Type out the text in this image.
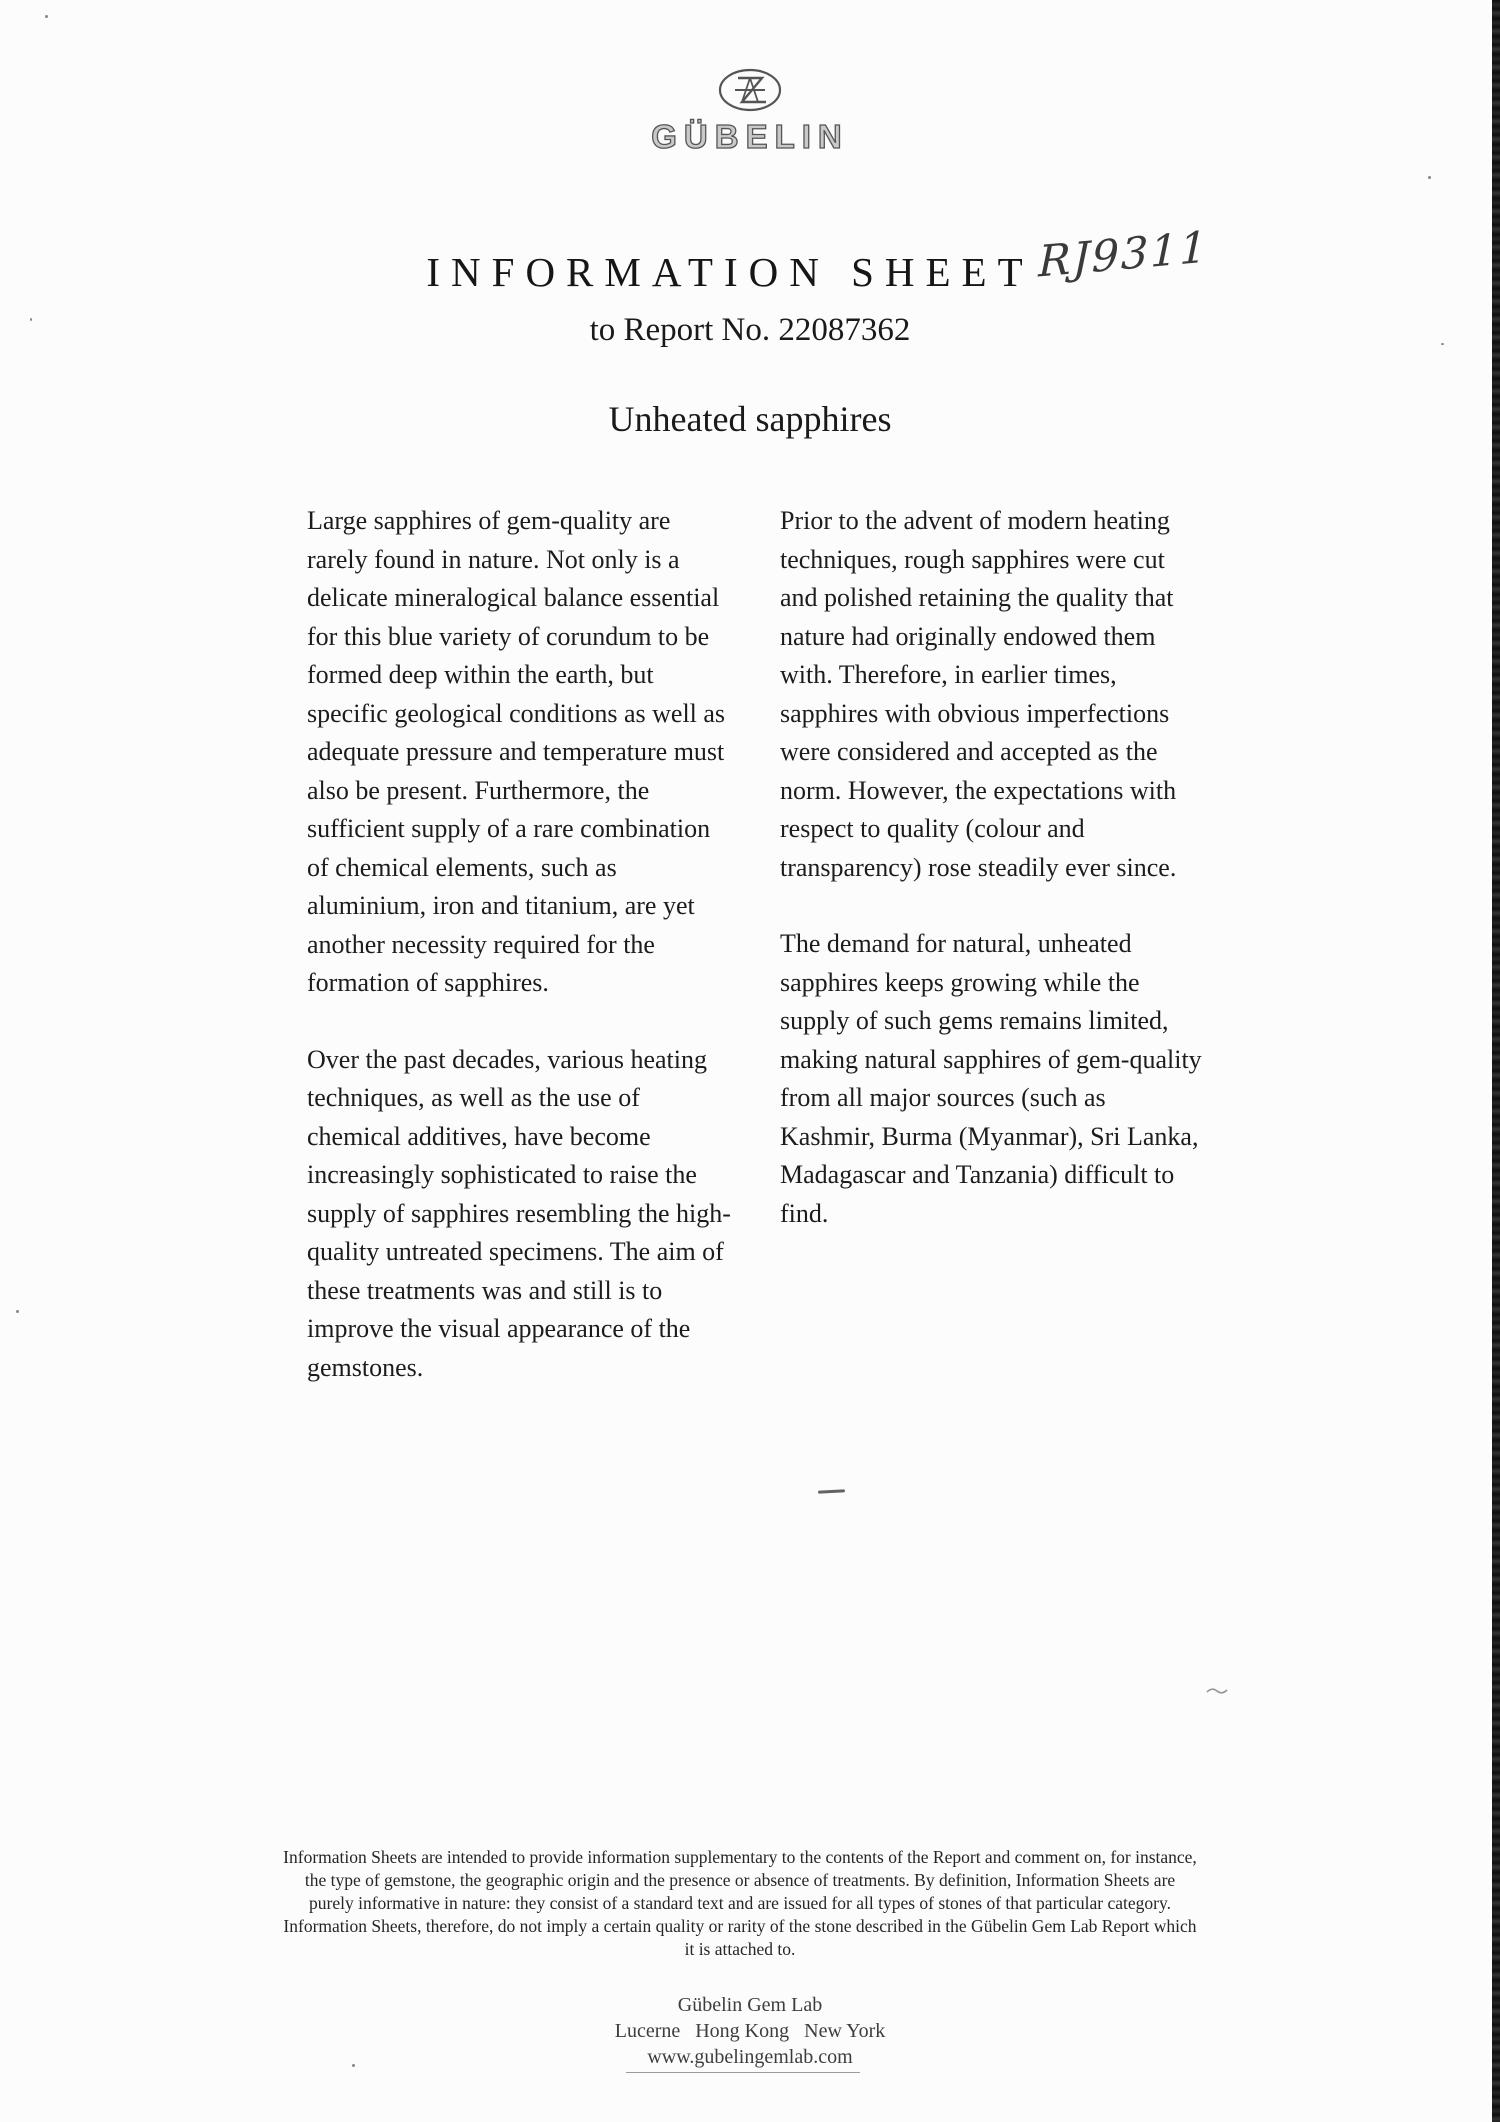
GÜBELIN
INFORMATION SHEET RJ9311
to Report No. 22087362
Unheated sapphires

Large sapphires of gem-quality are rarely found in nature. Not only is a delicate mineralogical balance essential for this blue variety of corundum to be formed deep within the earth, but specific geological conditions as well as adequate pressure and temperature must also be present. Furthermore, the sufficient supply of a rare combination of chemical elements, such as aluminium, iron and titanium, are yet another necessity required for the formation of sapphires.

Over the past decades, various heating techniques, as well as the use of chemical additives, have become increasingly sophisticated to raise the supply of sapphires resembling the high-quality untreated specimens. The aim of these treatments was and still is to improve the visual appearance of the gemstones.

Prior to the advent of modern heating techniques, rough sapphires were cut and polished retaining the quality that nature had originally endowed them with. Therefore, in earlier times, sapphires with obvious imperfections were considered and accepted as the norm. However, the expectations with respect to quality (colour and transparency) rose steadily ever since.

The demand for natural, unheated sapphires keeps growing while the supply of such gems remains limited, making natural sapphires of gem-quality from all major sources (such as Kashmir, Burma (Myanmar), Sri Lanka, Madagascar and Tanzania) difficult to find.

Information Sheets are intended to provide information supplementary to the contents of the Report and comment on, for instance, the type of gemstone, the geographic origin and the presence or absence of treatments. By definition, Information Sheets are purely informative in nature: they consist of a standard text and are issued for all types of stones of that particular category. Information Sheets, therefore, do not imply a certain quality or rarity of the stone described in the Gübelin Gem Lab Report which it is attached to.
Gübelin Gem Lab
Lucerne   Hong Kong   New York
www.gubelingemlab.com
